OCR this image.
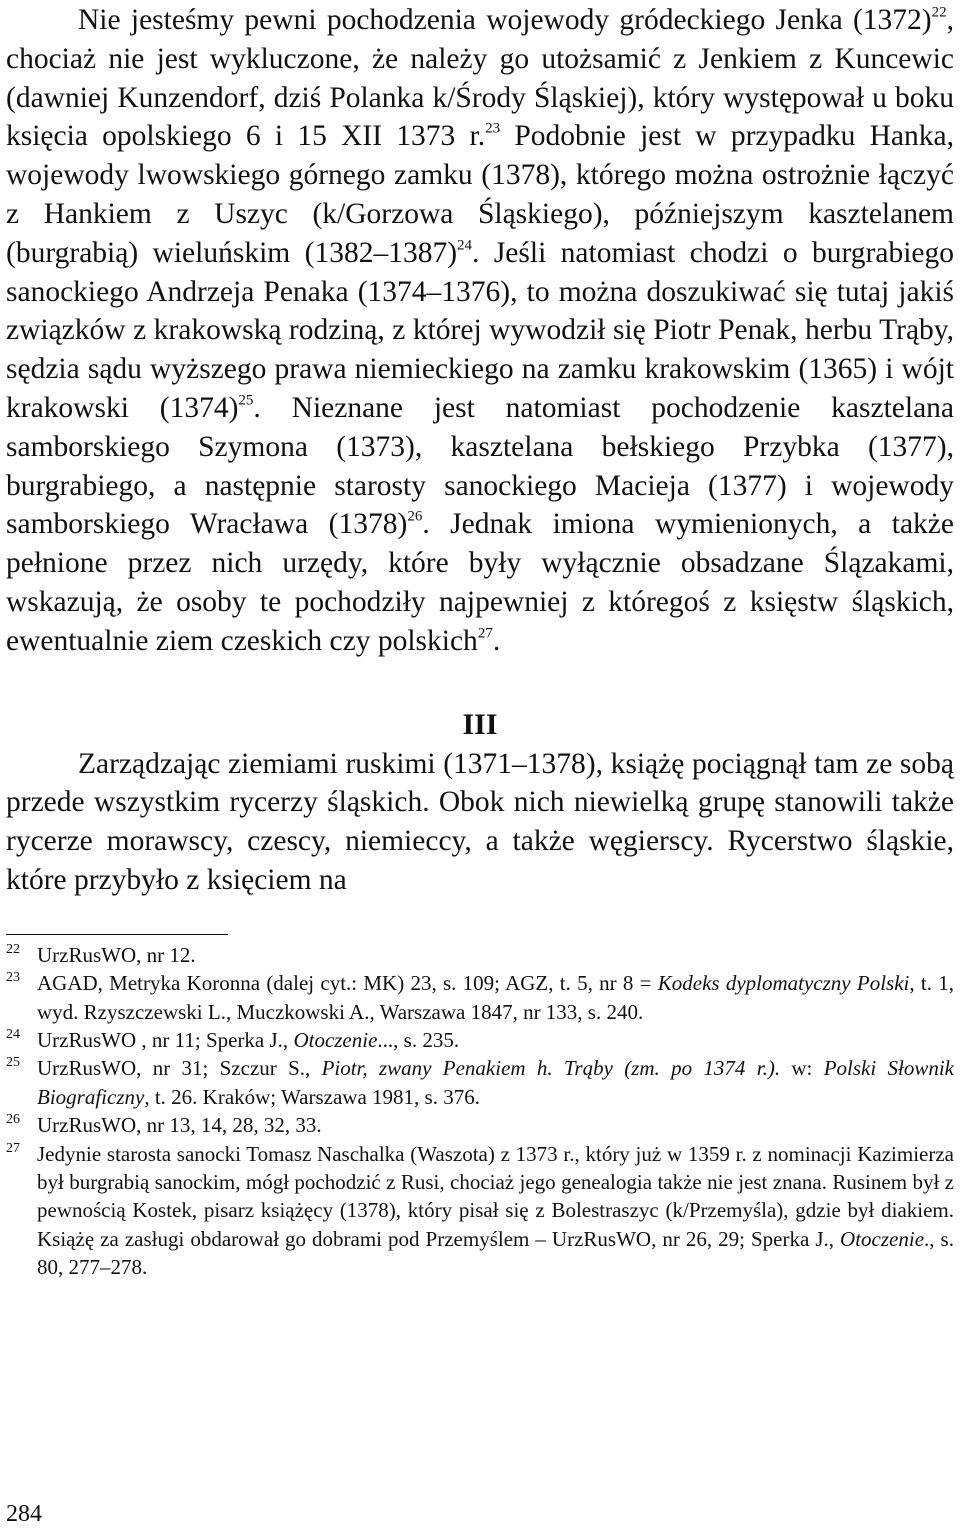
Nie jesteśmy pewni pochodzenia wojewody gródeckiego Jenka (1372)$^{22}$, chociaż nie jest wykluczone, że należy go utożsamić z Jenkiem z Kuncewic (dawniej Kunzendorf, dziś Polanka k/Środy Śląskiej), który występował u boku księcia opolskiego 6 i 15 XII 1373 r.$^{23}$ Podobnie jest w przypadku Hanka, wojewody lwowskiego górnego zamku (1378), którego można ostrożnie łączyć z Hankiem z Uszyc (k/Gorzowa Śląskiego), późniejszym kasztelanem (burgrabią) wieluńskim (1382–1387)$^{24}$. Jeśli natomiast chodzi o burgrabiego sanockiego Andrzeja Penaka (1374–1376), to można doszukiwać się tutaj jakiś związków z krakowską rodziną, z której wywodził się Piotr Penak, herbu Trąby, sędzia sądu wyższego prawa niemieckiego na zamku krakowskim (1365) i wójt krakowski (1374)$^{25}$. Nieznane jest natomiast pochodzenie kasztelana samborskiego Szymona (1373), kasztelana bełskiego Przybka (1377), burgrabiego, a następnie starosty sanockiego Macieja (1377) i wojewody samborskiego Wracława (1378)$^{26}$. Jednak imiona wymienionych, a także pełnione przez nich urzędy, które były wyłącznie obsadzane Ślązakami, wskazują, że osoby te pochodziły najpewniej z któregoś z księstw śląskich, ewentualnie ziem czeskich czy polskich$^{27}$.

III

Zarządzając ziemiami ruskimi (1371–1378), książę pociągnął tam ze sobą przede wszystkim rycerzy śląskich. Obok nich niewielką grupę stanowili także rycerze morawscy, czescy, niemieccy, a także węgierscy. Rycerstwo śląskie, które przybyło z księciem na

22 UrzRusWO, nr 12.
23 AGAD, Metryka Koronna (dalej cyt.: MK) 23, s. 109; AGZ, t. 5, nr 8 = Kodeks dyplomatyczny Polski, t. 1, wyd. Rzyszczewski L., Muczkowski A., Warszawa 1847, nr 133, s. 240.
24 UrzRusWO , nr 11; Sperka J., Otoczenie..., s. 235.
25 UrzRusWO, nr 31; Szczur S., Piotr, zwany Penakiem h. Trąby (zm. po 1374 r.). w: Polski Słownik Biograficzny, t. 26. Kraków; Warszawa 1981, s. 376.
26 UrzRusWO, nr 13, 14, 28, 32, 33.
27 Jedynie starosta sanocki Tomasz Naschalka (Waszota) z 1373 r., który już w 1359 r. z nominacji Kazimierza był burgrabią sanockim, mógł pochodzić z Rusi, chociaż jego genealogia także nie jest znana. Rusinem był z pewnością Kostek, pisarz książęcy (1378), który pisał się z Bolestraszyc (k/Przemyśla), gdzie był diakiem. Książę za zasługi obdarował go dobrami pod Przemyślem – UrzRusWO, nr 26, 29; Sperka J., Otoczenie., s. 80, 277–278.
284
